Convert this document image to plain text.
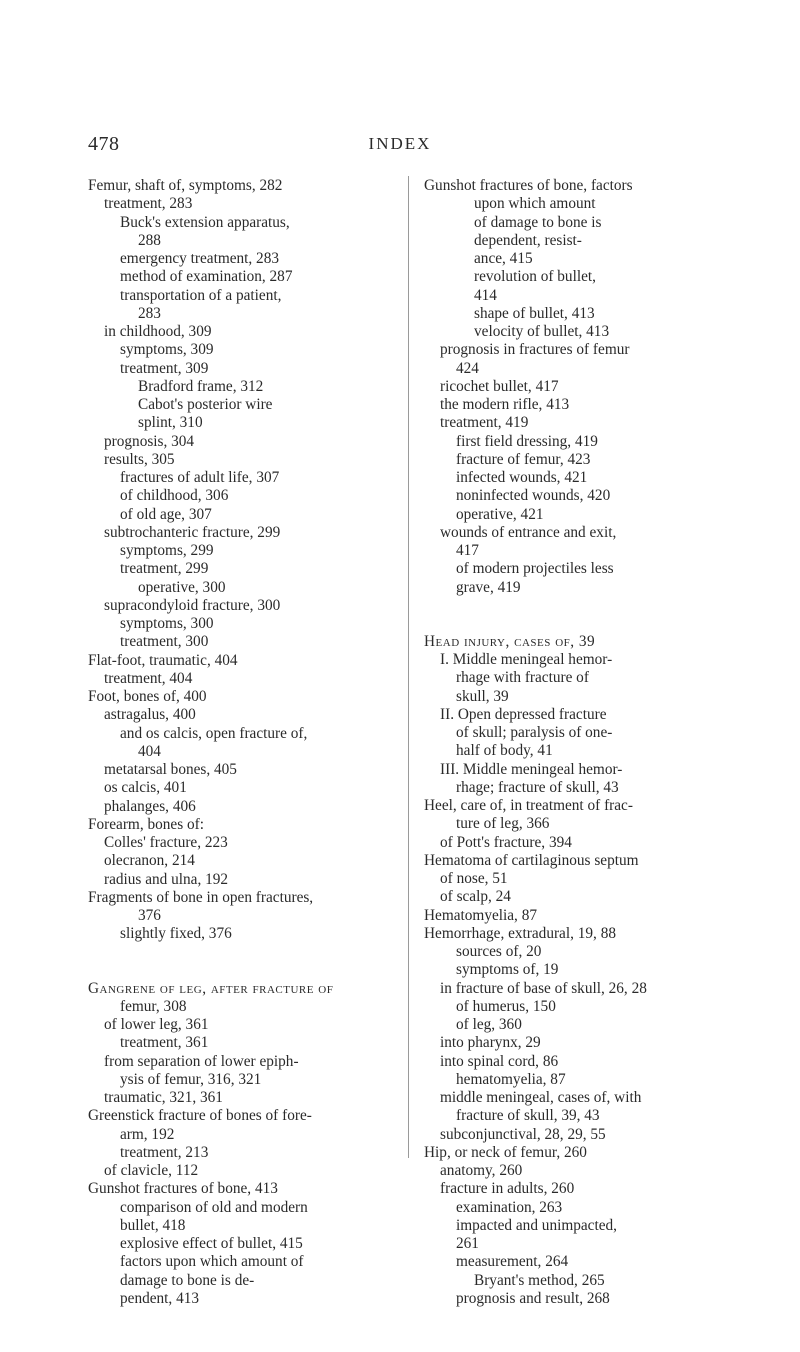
478	INDEX
Femur, shaft of, symptoms, 282
treatment, 283
Buck's extension apparatus,
288
emergency treatment, 283
method of examination, 287
transportation of a patient,
283
in childhood, 309
symptoms, 309
treatment, 309
Bradford frame, 312
Cabot's posterior wire
splint, 310
prognosis, 304
results, 305
fractures of adult life, 307
of childhood, 306
of old age, 307
subtrochanteric fracture, 299
symptoms, 299
treatment, 299
operative, 300
supracondyloid fracture, 300
symptoms, 300
treatment, 300
Flat-foot, traumatic, 404
treatment, 404
Foot, bones of, 400
astragalus, 400
and os calcis, open fracture of,
404
metatarsal bones, 405
os calcis, 401
phalanges, 406
Forearm, bones of:
Colles' fracture, 223
olecranon, 214
radius and ulna, 192
Fragments of bone in open fractures,
376
slightly fixed, 376
Gangrene of leg, after fracture of
femur, 308
of lower leg, 361
treatment, 361
from separation of lower epiph-
ysis of femur, 316, 321
traumatic, 321, 361
Greenstick fracture of bones of fore-
arm, 192
treatment, 213
of clavicle, 112
Gunshot fractures of bone, 413
comparison of old and modern
bullet, 418
explosive effect of bullet, 415
factors upon which amount of
damage to bone is de-
pendent, 413
Gunshot fractures of bone, factors
upon which amount
of damage to bone is
dependent, resist-
ance, 415
revolution of bullet,
414
shape of bullet, 413
velocity of bullet, 413
prognosis in fractures of femur
424
ricochet bullet, 417
the modern rifle, 413
treatment, 419
first field dressing, 419
fracture of femur, 423
infected wounds, 421
noninfected wounds, 420
operative, 421
wounds of entrance and exit,
417
of modern projectiles less
grave, 419
Head injury, cases of, 39
I. Middle meningeal hemor-
rhage with fracture of
skull, 39
II. Open depressed fracture
of skull; paralysis of one-
half of body, 41
III. Middle meningeal hemor-
rhage; fracture of skull, 43
Heel, care of, in treatment of frac-
ture of leg, 366
of Pott's fracture, 394
Hematoma of cartilaginous septum
of nose, 51
of scalp, 24
Hematomyelia, 87
Hemorrhage, extradural, 19, 88
sources of, 20
symptoms of, 19
in fracture of base of skull, 26, 28
of humerus, 150
of leg, 360
into pharynx, 29
into spinal cord, 86
hematomyelia, 87
middle meningeal, cases of, with
fracture of skull, 39, 43
subconjunctival, 28, 29, 55
Hip, or neck of femur, 260
anatomy, 260
fracture in adults, 260
examination, 263
impacted and unimpacted,
261
measurement, 264
Bryant's method, 265
prognosis and result, 268
